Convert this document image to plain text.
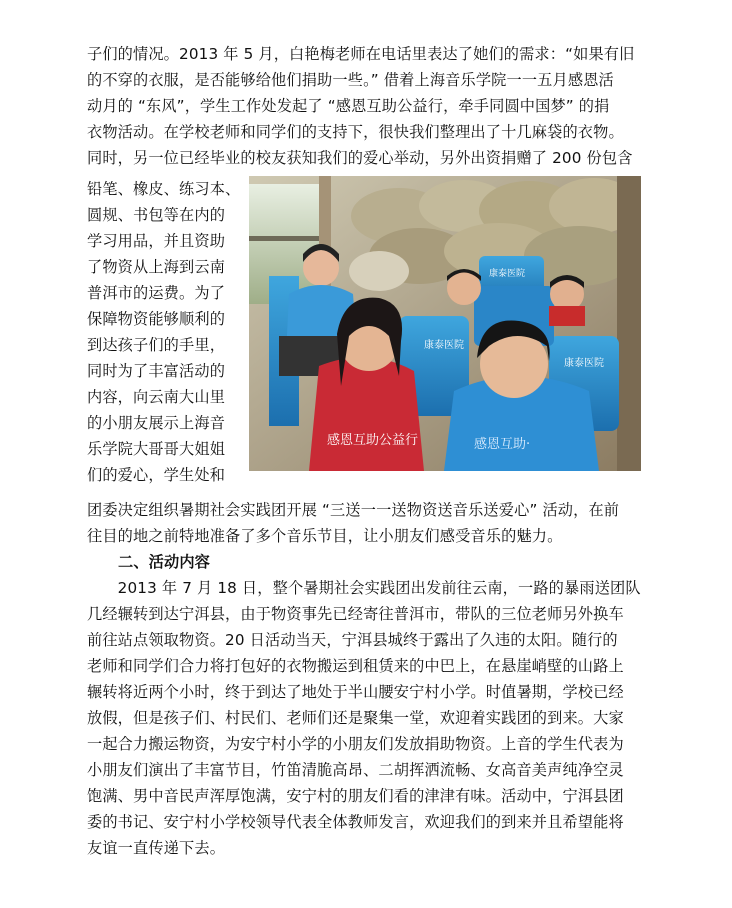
子们的情况。2013 年 5 月，白艳梅老师在电话里表达了她们的需求：“如果有旧
的不穿的衣服，是否能够给他们捐助一些。” 借着上海音乐学院一一五月感恩活
动月的 “东风”，学生工作处发起了 “感恩互助公益行，牵手同圆中国梦” 的捐
衣物活动。在学校老师和同学们的支持下，很快我们整理出了十几麻袋的衣物。
同时，另一位已经毕业的校友获知我们的爱心举动，另外出资捐赠了 200 份包含
铅笔、橡皮、练习本、
圆规、书包等在内的
学习用品，并且资助
了物资从上海到云南
普洱市的运费。为了
保障物资能够顺利的
到达孩子们的手里，
同时为了丰富活动的
内容，向云南大山里
的小朋友展示上海音
乐学院大哥哥大姐姐
们的爱心，学生处和
康泰医院
康泰医院
康泰医院
感恩互助公益行	感恩互助·
团委决定组织暑期社会实践团开展 “三送一一送物资送音乐送爱心” 活动，在前
往目的地之前特地准备了多个音乐节目，让小朋友们感受音乐的魅力。
二、活动内容
　　2013 年 7 月 18 日，整个暑期社会实践团出发前往云南，一路的暴雨送团队
几经辗转到达宁洱县，由于物资事先已经寄往普洱市，带队的三位老师另外换车
前往站点领取物资。20 日活动当天，宁洱县城终于露出了久违的太阳。随行的
老师和同学们合力将打包好的衣物搬运到租赁来的中巴上，在悬崖峭壁的山路上
辗转将近两个小时，终于到达了地处于半山腰安宁村小学。时值暑期，学校已经
放假，但是孩子们、村民们、老师们还是聚集一堂，欢迎着实践团的到来。大家
一起合力搬运物资，为安宁村小学的小朋友们发放捐助物资。上音的学生代表为
小朋友们演出了丰富节目，竹笛清脆高昂、二胡挥洒流畅、女高音美声纯净空灵
饱满、男中音民声浑厚饱满，安宁村的朋友们看的津津有味。活动中，宁洱县团
委的书记、安宁村小学校领导代表全体教师发言，欢迎我们的到来并且希望能将
友谊一直传递下去。
